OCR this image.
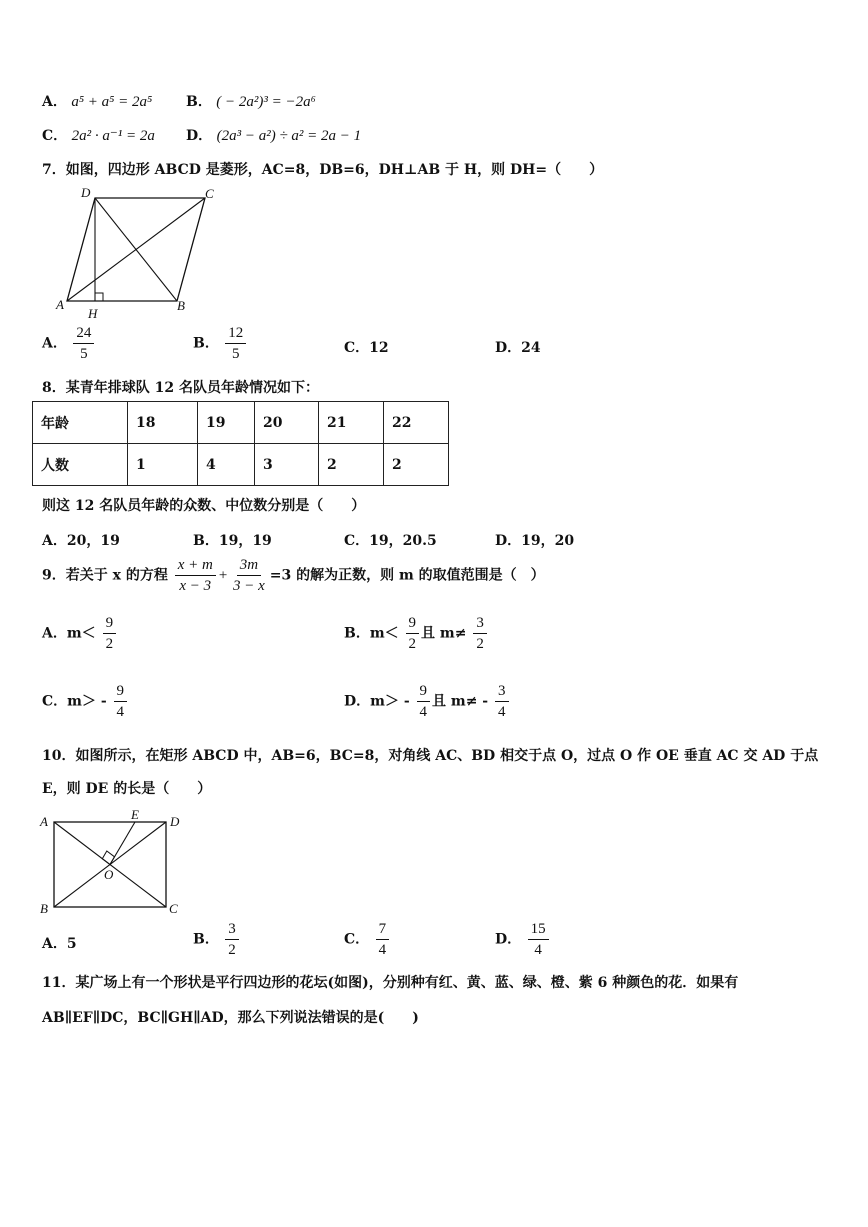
A． a⁵ + a⁵ = 2a⁵ B． ( − 2a²)³ = −2a⁶
C． 2a² · a⁻¹ = 2a D． (2a³ − a²) ÷ a² = 2a − 1
7．如图，四边形 ABCD 是菱形，AC=8，DB=6，DH⊥AB 于 H，则 DH=（　　）
D	C
A
H
B
A． $\frac{24}{5}$	B． $\frac{12}{5}$	C．12	D．24
8．某青年排球队 12 名队员年龄情况如下：
年龄	18	19	20	21	22
人数	1	4	3	2	2
则这 12 名队员年龄的众数、中位数分别是（　　）
A．20，19	B．19，19	C．19，20.5	D．19，20
9．若关于 x 的方程 $\frac{x + m}{x - 3} + \frac{3m}{3 - x} =3$ 的解为正数，则 m 的取值范围是（　）
A．$m< \frac{9}{2}$	B．$m< \frac{9}{2}$ 且 $m\ne \frac{3}{2}$
C．$m> - \frac{9}{4}$	D．$m> - \frac{9}{4}$ 且 $m\ne - \frac{3}{4}$
10．如图所示，在矩形 ABCD 中，AB=6，BC=8，对角线 AC、BD 相交于点 O，过点 O 作 OE 垂直 AC 交 AD 于点
E，则 DE 的长是（　　）
A	E D
O
B	C
A．5	B． $\frac{3}{2}$	C． $\frac{7}{4}$	D． $\frac{15}{4}$
11．某广场上有一个形状是平行四边形的花坛(如图)，分别种有红、黄、蓝、绿、橙、紫 6 种颜色的花．如果有
AB∥EF∥DC，BC∥GH∥AD，那么下列说法错误的是(　　)
